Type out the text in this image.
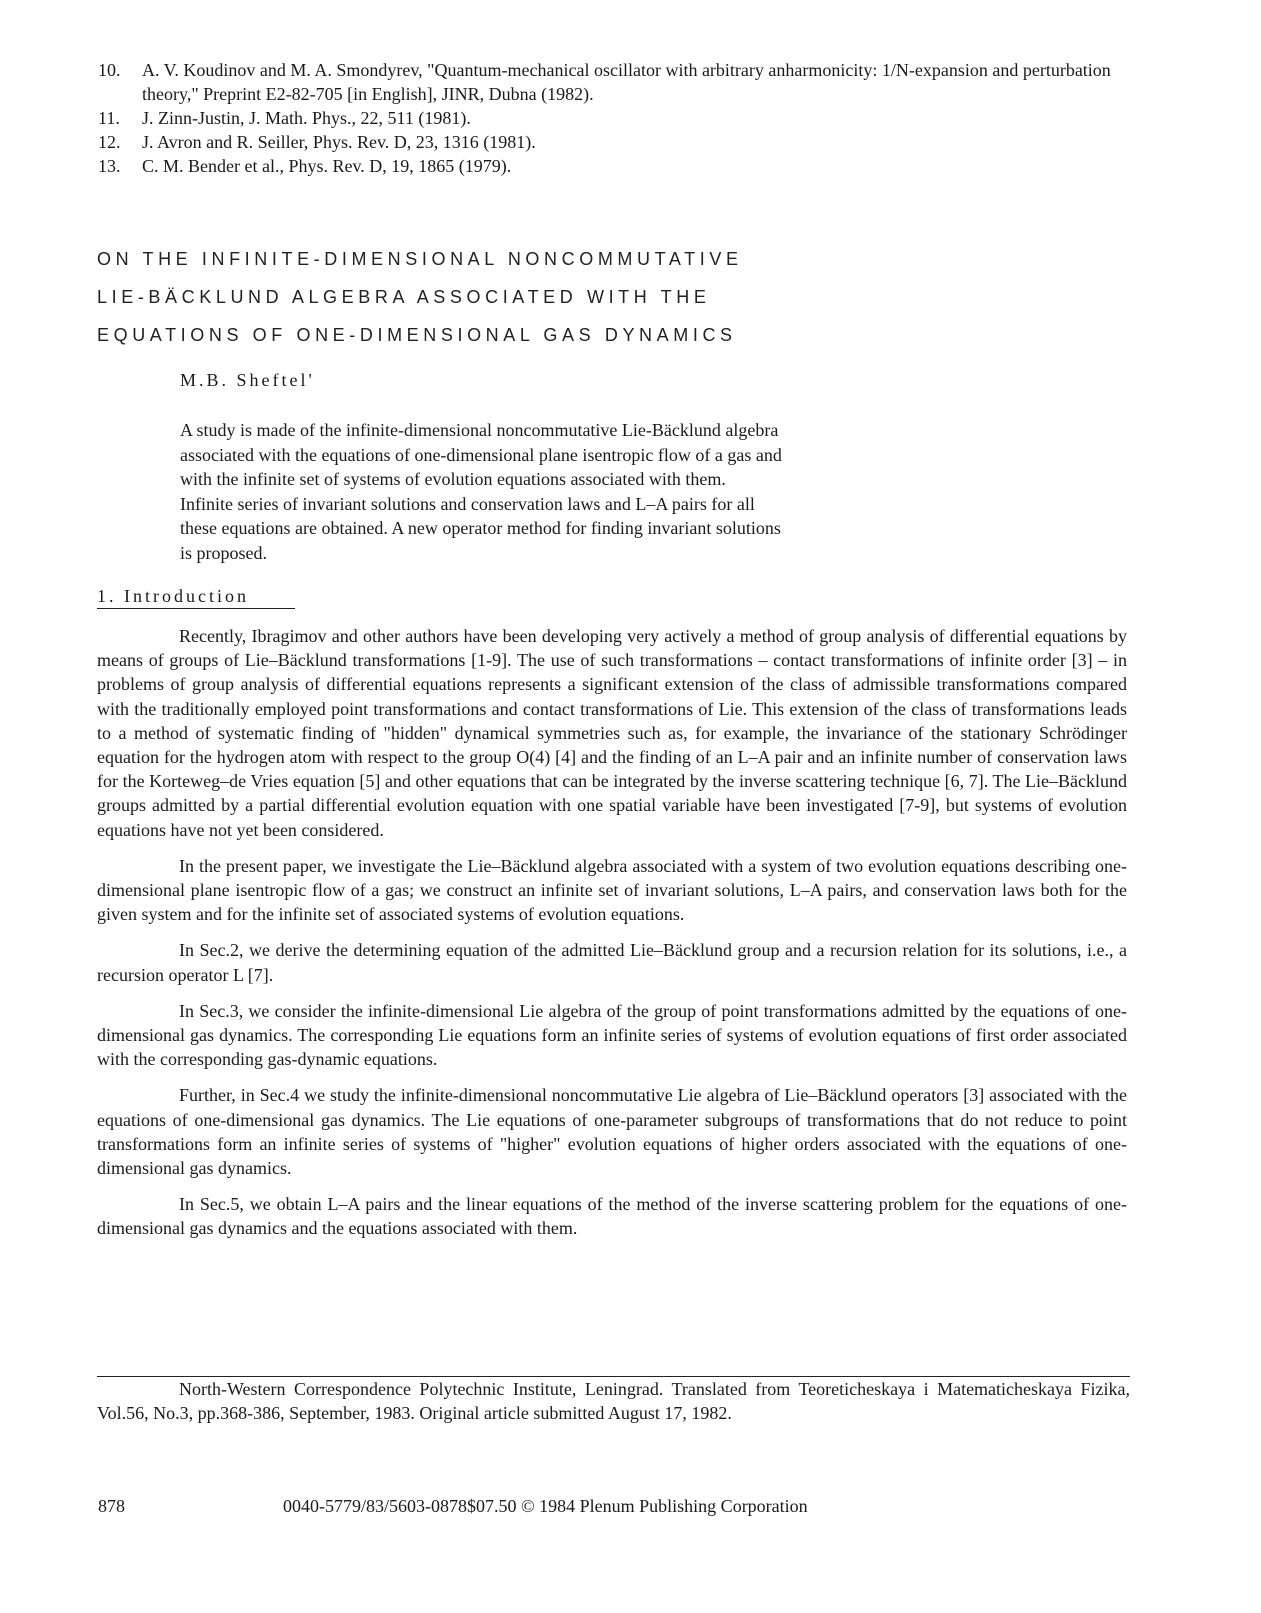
10.	A. V. Koudinov and M. A. Smondyrev, "Quantum-mechanical oscillator with arbitrary anharmonicity: 1/N-expansion and perturbation theory," Preprint E2-82-705 [in English], JINR, Dubna (1982).
11.	J. Zinn-Justin, J. Math. Phys., 22, 511 (1981).
12.	J. Avron and R. Seiller, Phys. Rev. D, 23, 1316 (1981).
13.	C. M. Bender et al., Phys. Rev. D, 19, 1865 (1979).
ON THE INFINITE-DIMENSIONAL NONCOMMUTATIVE
LIE-BÄCKLUND ALGEBRA ASSOCIATED WITH THE
EQUATIONS OF ONE-DIMENSIONAL GAS DYNAMICS
M.B. Sheftel'

A study is made of the infinite-dimensional noncommutative Lie-Bäcklund algebra
associated with the equations of one-dimensional plane isentropic flow of a gas and
with the infinite set of systems of evolution equations associated with them.
Infinite series of invariant solutions and conservation laws and L–A pairs for all
these equations are obtained. A new operator method for finding invariant solutions
is proposed.

1. Introduction

Recently, Ibragimov and other authors have been developing very actively a method of group analysis of differential equations by means of groups of Lie–Bäcklund transformations [1-9]. The use of such transformations – contact transformations of infinite order [3] – in problems of group analysis of differential equations represents a significant extension of the class of admissible transformations compared with the traditionally employed point transformations and contact transformations of Lie. This extension of the class of transformations leads to a method of systematic finding of "hidden" dynamical symmetries such as, for example, the invariance of the stationary Schrödinger equation for the hydrogen atom with respect to the group O(4) [4] and the finding of an L–A pair and an infinite number of conservation laws for the Korteweg–de Vries equation [5] and other equations that can be integrated by the inverse scattering technique [6, 7]. The Lie–Bäcklund groups admitted by a partial differential evolution equation with one spatial variable have been investigated [7-9], but systems of evolution equations have not yet been considered.

In the present paper, we investigate the Lie–Bäcklund algebra associated with a system of two evolution equations describing one-dimensional plane isentropic flow of a gas; we construct an infinite set of invariant solutions, L–A pairs, and conservation laws both for the given system and for the infinite set of associated systems of evolution equations.

In Sec.2, we derive the determining equation of the admitted Lie–Bäcklund group and a recursion relation for its solutions, i.e., a recursion operator L [7].

In Sec.3, we consider the infinite-dimensional Lie algebra of the group of point transformations admitted by the equations of one-dimensional gas dynamics. The corresponding Lie equations form an infinite series of systems of evolution equations of first order associated with the corresponding gas-dynamic equations.

Further, in Sec.4 we study the infinite-dimensional noncommutative Lie algebra of Lie–Bäcklund operators [3] associated with the equations of one-dimensional gas dynamics. The Lie equations of one-parameter subgroups of transformations that do not reduce to point transformations form an infinite series of systems of "higher" evolution equations of higher orders associated with the equations of one-dimensional gas dynamics.

In Sec.5, we obtain L–A pairs and the linear equations of the method of the inverse scattering problem for the equations of one-dimensional gas dynamics and the equations associated with them.

North-Western Correspondence Polytechnic Institute, Leningrad. Translated from Teoreticheskaya i Matematicheskaya Fizika, Vol.56, No.3, pp.368-386, September, 1983. Original article submitted August 17, 1982.

878	0040-5779/83/5603-0878$07.50 © 1984 Plenum Publishing Corporation
